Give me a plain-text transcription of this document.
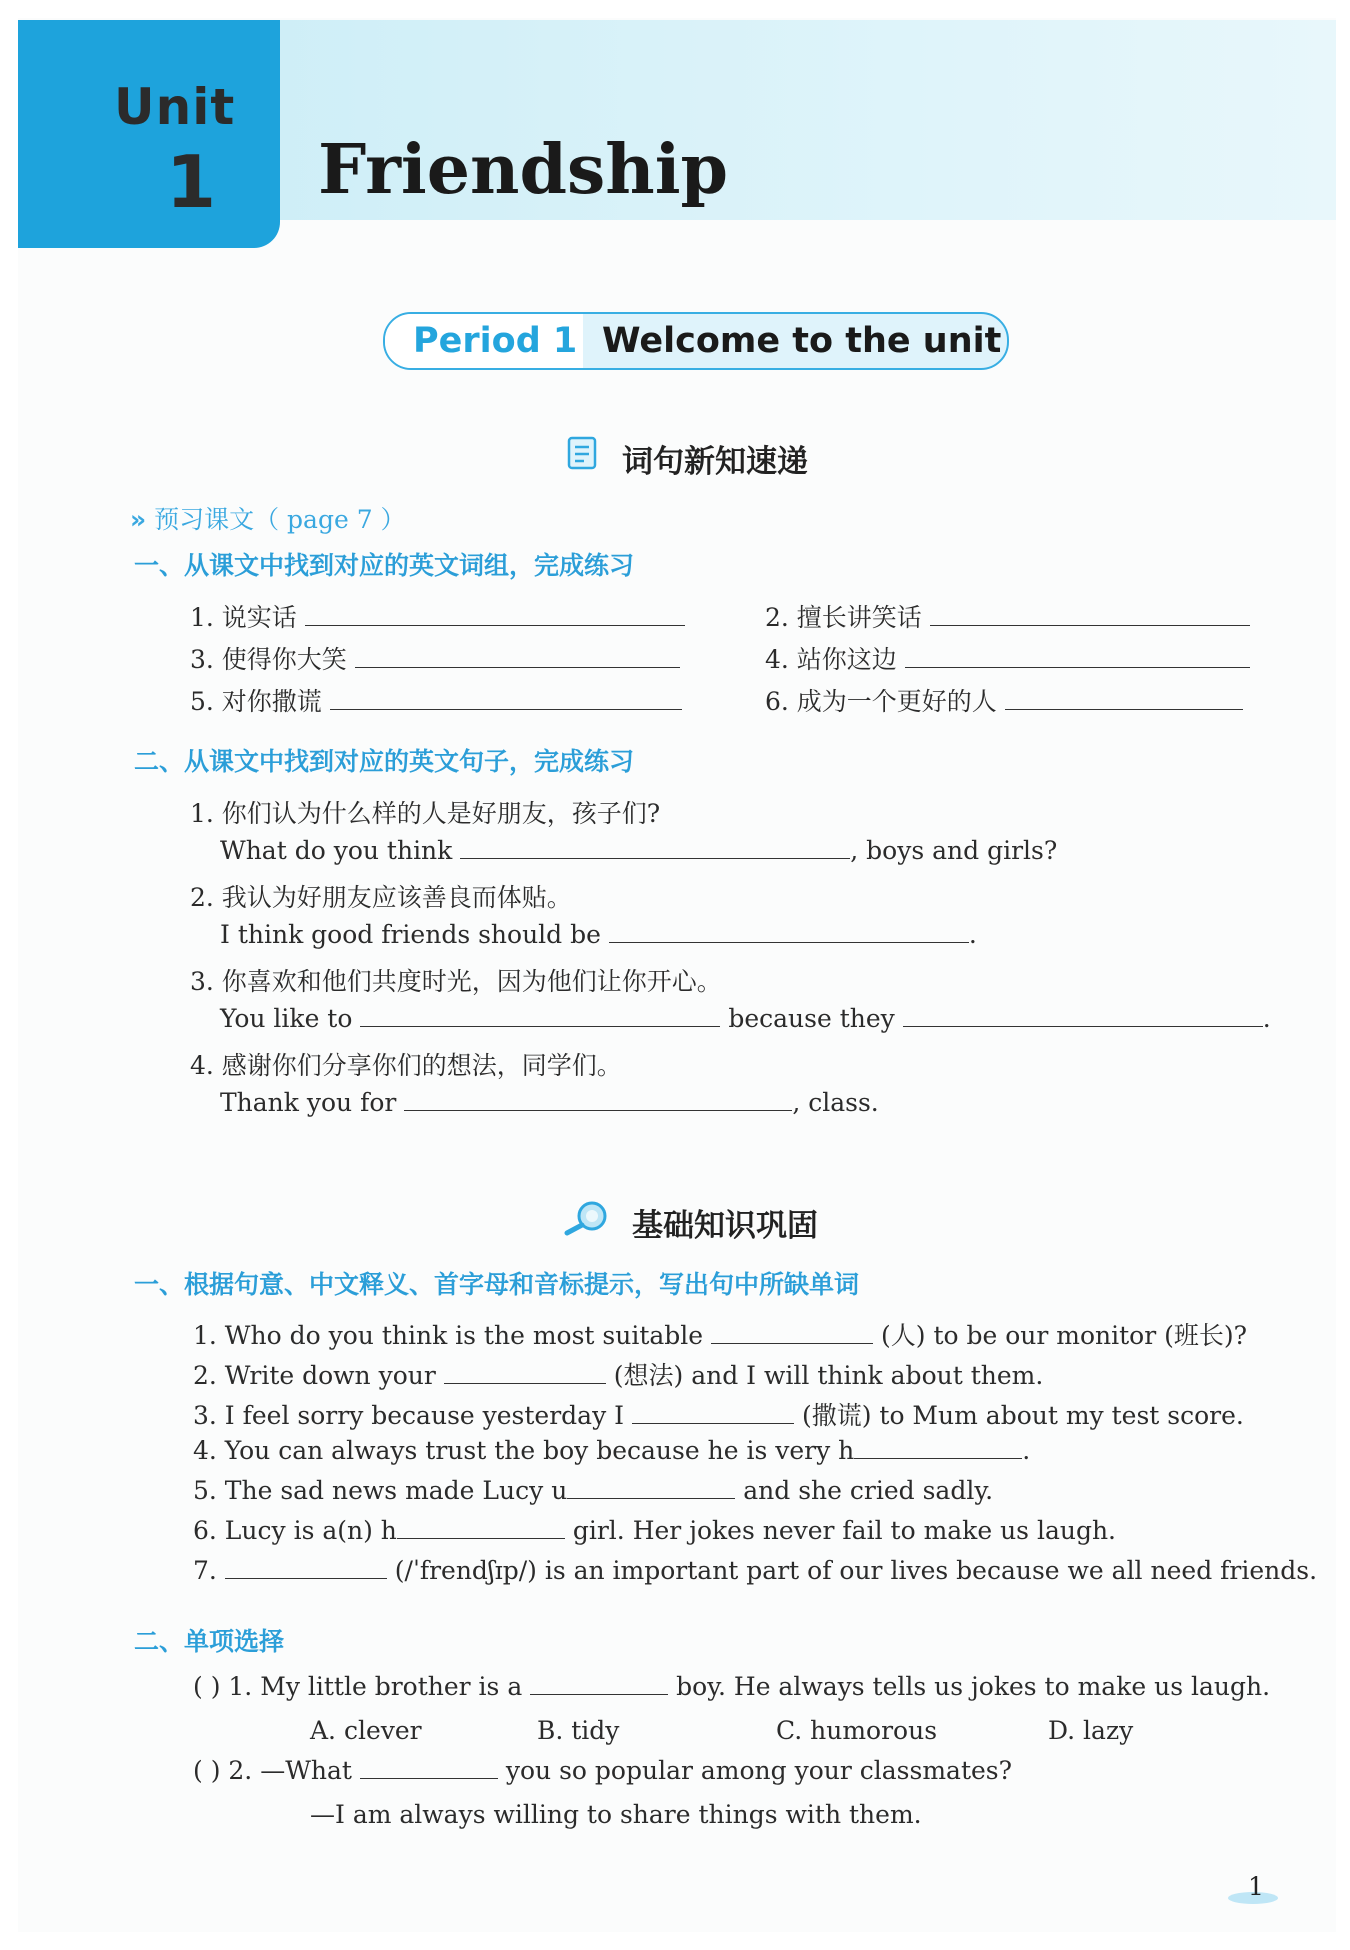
Unit
1 Friendship
Period 1 Welcome to the unit
词句新知速递
» 预习课文（ page 7 ）
一、从课文中找到对应的英文词组，完成练习
1. 说实话	2. 擅长讲笑话
3. 使得你大笑	4. 站你这边
5. 对你撒谎	6. 成为一个更好的人
二、从课文中找到对应的英文句子，完成练习
1. 你们认为什么样的人是好朋友，孩子们?
What do you think	, boys and girls?
2. 我认为好朋友应该善良而体贴。
I think good friends should be	.
3. 你喜欢和他们共度时光，因为他们让你开心。
You like to	because they	.
4. 感谢你们分享你们的想法，同学们。
Thank you for	, class.
基础知识巩固
一、根据句意、中文释义、首字母和音标提示，写出句中所缺单词
1. Who do you think is the most suitable	(人) to be our monitor (班长)?
2. Write down your	(想法) and I will think about them.
3. I feel sorry because yesterday I	(撒谎) to Mum about my test score.
4. You can always trust the boy because he is very h	.
5. The sad news made Lucy u	and she cried sadly.
6. Lucy is a(n) h	girl. Her jokes never fail to make us laugh.
7.	(/ˈfrendʃɪp/) is an important part of our lives because we all need friends.
二、单项选择
( ) 1. My little brother is a	boy. He always tells us jokes to make us laugh.
A. clever	B. tidy	C. humorous	D. lazy
( ) 2. —What	you so popular among your classmates?
—I am always willing to share things with them.
1
